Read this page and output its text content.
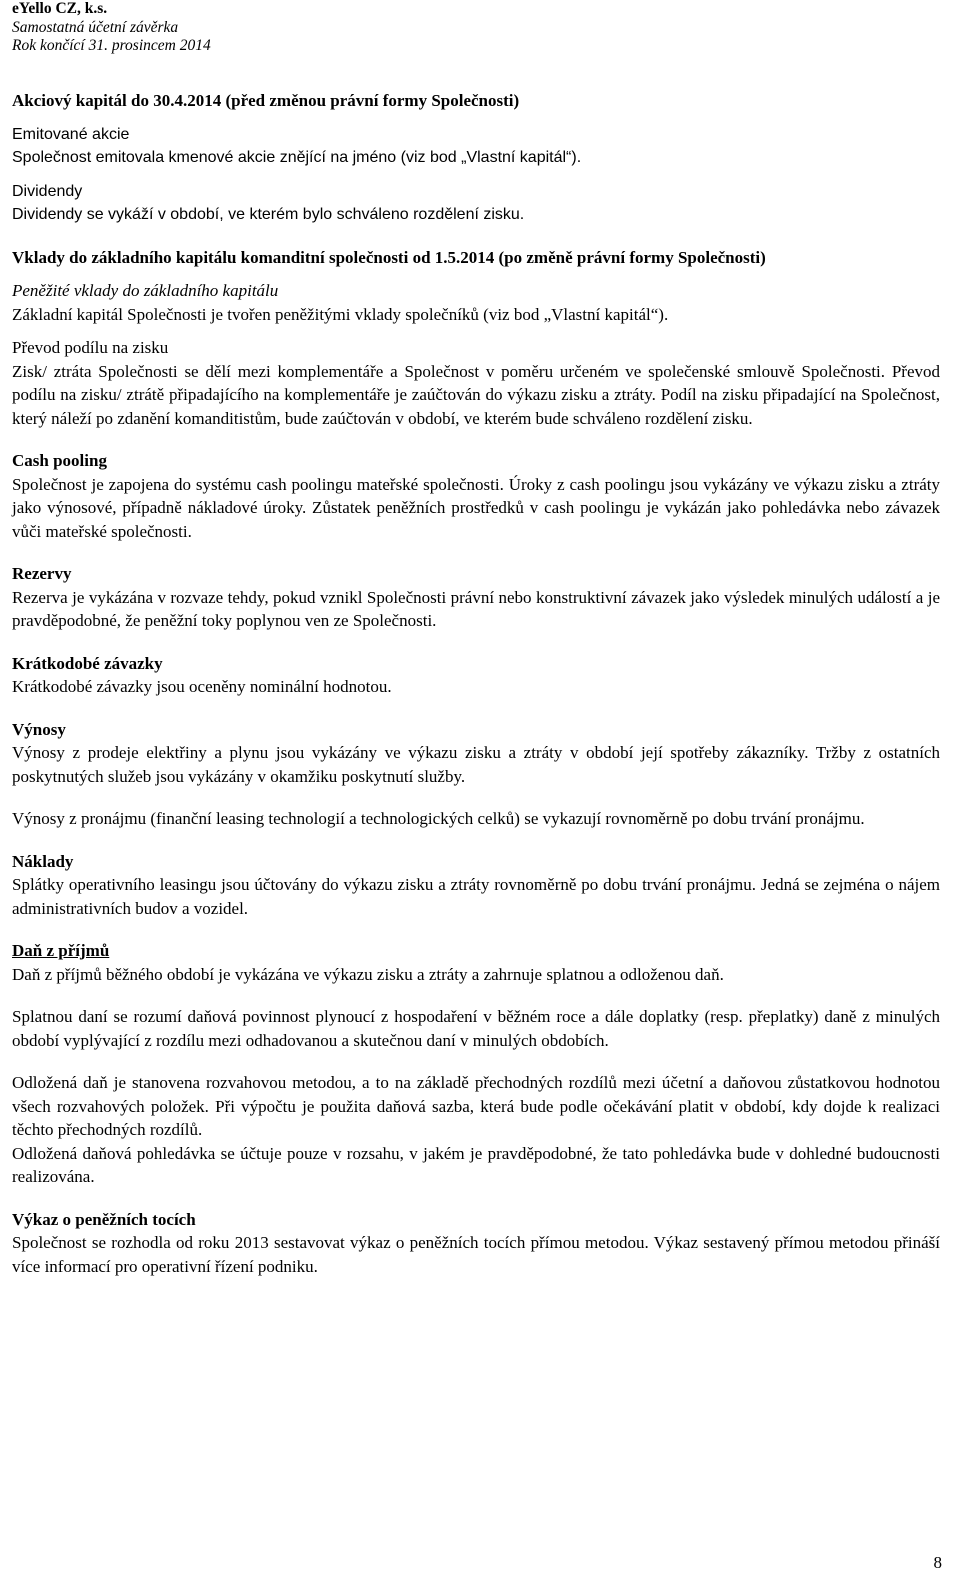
eYello CZ, k.s.
Samostatná účetní závěrka
Rok končící 31. prosincem 2014

Akciový kapitál do 30.4.2014 (před změnou právní formy Společnosti)

Emitované akcie

Společnost emitovala kmenové akcie znějící na jméno (viz bod „Vlastní kapitál“).

Dividendy

Dividendy se vykáží v období, ve kterém bylo schváleno rozdělení zisku.

Vklady do základního kapitálu komanditní společnosti od 1.5.2014 (po změně právní formy Společnosti)

Peněžité vklady do základního kapitálu

Základní kapitál Společnosti je tvořen peněžitými vklady společníků (viz bod „Vlastní kapitál“).

Převod podílu na zisku

Zisk/ ztráta Společnosti se dělí mezi komplementáře a Společnost v poměru určeném ve společenské smlouvě Společnosti. Převod podílu na zisku/ ztrátě připadajícího na komplementáře je zaúčtován do výkazu zisku a ztráty. Podíl na zisku připadající na Společnost, který náleží po zdanění komanditistům, bude zaúčtován v období, ve kterém bude schváleno rozdělení zisku.

Cash pooling

Společnost je zapojena do systému cash poolingu mateřské společnosti. Úroky z cash poolingu jsou vykázány ve výkazu zisku a ztráty jako výnosové, případně nákladové úroky. Zůstatek peněžních prostředků v cash poolingu je vykázán jako pohledávka nebo závazek vůči mateřské společnosti.

Rezervy

Rezerva je vykázána v rozvaze tehdy, pokud vznikl Společnosti právní nebo konstruktivní závazek jako výsledek minulých událostí a je pravděpodobné, že peněžní toky poplynou ven ze Společnosti.

Krátkodobé závazky

Krátkodobé závazky jsou oceněny nominální hodnotou.

Výnosy

Výnosy z prodeje elektřiny a plynu jsou vykázány ve výkazu zisku a ztráty v období její spotřeby zákazníky. Tržby z ostatních poskytnutých služeb jsou vykázány v okamžiku poskytnutí služby.

Výnosy z pronájmu (finanční leasing technologií a technologických celků) se vykazují rovnoměrně po dobu trvání pronájmu.

Náklady

Splátky operativního leasingu jsou účtovány do výkazu zisku a ztráty rovnoměrně po dobu trvání pronájmu. Jedná se zejména o nájem administrativních budov a vozidel.

Daň z příjmů

Daň z příjmů běžného období je vykázána ve výkazu zisku a ztráty a zahrnuje splatnou a odloženou daň.

Splatnou daní se rozumí daňová povinnost plynoucí z hospodaření v běžném roce a dále doplatky (resp. přeplatky) daně z minulých období vyplývající z rozdílu mezi odhadovanou a skutečnou daní v minulých obdobích.

Odložená daň je stanovena rozvahovou metodou, a to na základě přechodných rozdílů mezi účetní a daňovou zůstatkovou hodnotou všech rozvahových položek. Při výpočtu je použita daňová sazba, která bude podle očekávání platit v období, kdy dojde k realizaci těchto přechodných rozdílů.

Odložená daňová pohledávka se účtuje pouze v rozsahu, v jakém je pravděpodobné, že tato pohledávka bude v dohledné budoucnosti realizována.

Výkaz o peněžních tocích

Společnost se rozhodla od roku 2013 sestavovat výkaz o peněžních tocích přímou metodou. Výkaz sestavený přímou metodou přináší více informací pro operativní řízení podniku.

8
